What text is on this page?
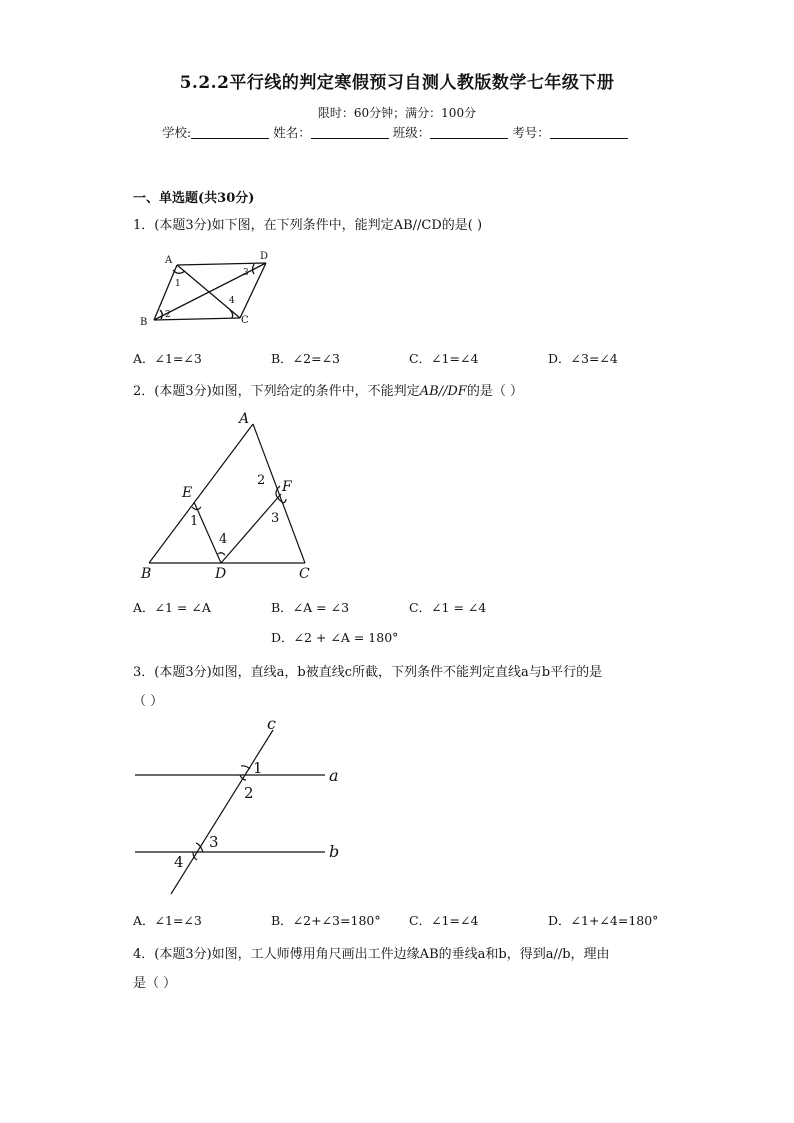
5.2.2平行线的判定寒假预习自测人教版数学七年级下册
限时：60分钟；满分：100分
学校:	姓名：	班级：	考号：
一、单选题(共30分)
1．(本题3分)如下图，在下列条件中，能判定AB//CD的是( )
A	D
B	C
1
2
3
4
A．∠1=∠3	B．∠2=∠3	C．∠1=∠4	D．∠3=∠4
2．(本题3分)如图，下列给定的条件中，不能判定AB//DF的是（ ）
A
B	C
D
E	F
1
2
3
4
A．∠1 = ∠A	B．∠A = ∠3	C．∠1 = ∠4
D．∠2 + ∠A = 180°
3．(本题3分)如图，直线a，b被直线c所截，下列条件不能判定直线a与b平行的是
（ ）
a
b
c
1
2
3
4
A．∠1=∠3	B．∠2+∠3=180° C．∠1=∠4	D．∠1+∠4=180°
4．(本题3分)如图，工人师傅用角尺画出工件边缘AB的垂线a和b，得到a//b，理由
是（ ）
